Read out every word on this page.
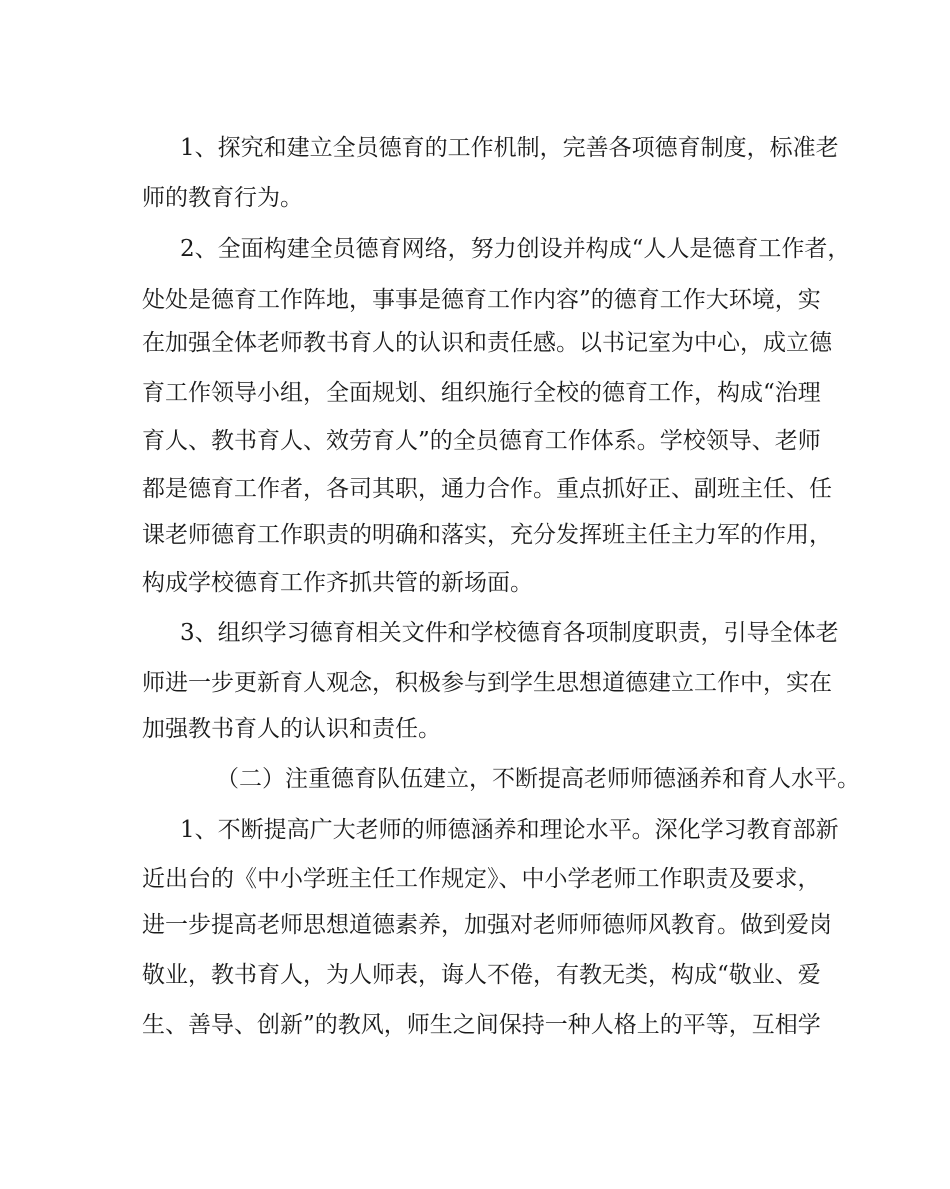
1、探究和建立全员德育的工作机制，完善各项德育制度，标准老
师的教育行为。
2、全面构建全员德育网络，努力创设并构成“人人是德育工作者，
处处是德育工作阵地，事事是德育工作内容”的德育工作大环境，实
在加强全体老师教书育人的认识和责任感。以书记室为中心，成立德
育工作领导小组，全面规划、组织施行全校的德育工作，构成“治理
育人、教书育人、效劳育人”的全员德育工作体系。学校领导、老师
都是德育工作者，各司其职，通力合作。重点抓好正、副班主任、任
课老师德育工作职责的明确和落实，充分发挥班主任主力军的作用，
构成学校德育工作齐抓共管的新场面。
3、组织学习德育相关文件和学校德育各项制度职责，引导全体老
师进一步更新育人观念，积极参与到学生思想道德建立工作中，实在
加强教书育人的认识和责任。
（二）注重德育队伍建立，不断提高老师师德涵养和育人水平。
1、不断提高广大老师的师德涵养和理论水平。深化学习教育部新
近出台的《中小学班主任工作规定》、中小学老师工作职责及要求，
进一步提高老师思想道德素养，加强对老师师德师风教育。做到爱岗
敬业，教书育人，为人师表，诲人不倦，有教无类，构成“敬业、爱
生、善导、创新”的教风，师生之间保持一种人格上的平等，互相学
